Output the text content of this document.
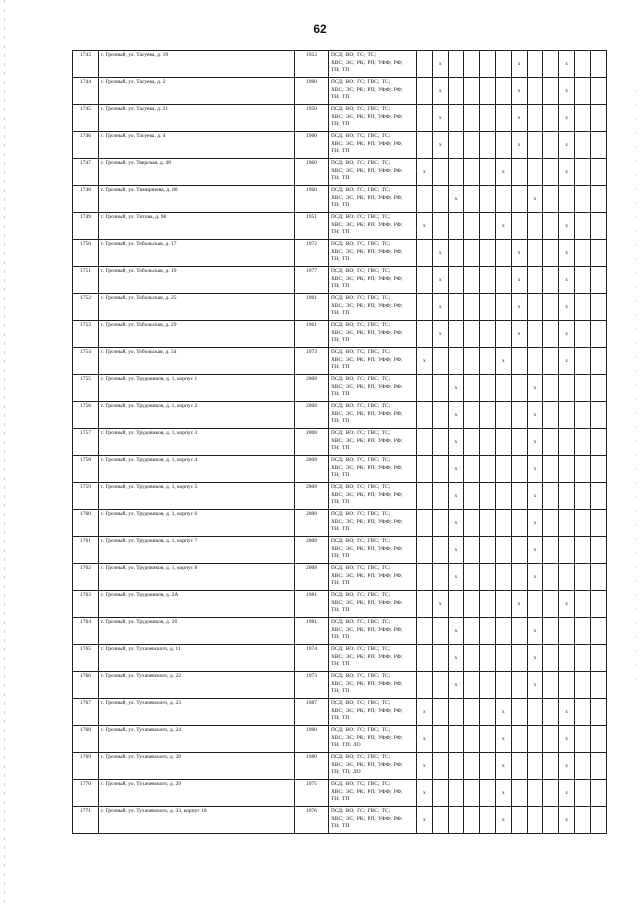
62
1743	г. Грозный, ул. Тасуева, д. 19	1953	ПСД; ВО; ГС; ТС;
ХВС; ЭС; РК; РП; УФФ; РФ;
ТН; ТП		х					х			х		
1744	г. Грозный, ул. Тасуева, д. 2	1960	ПСД; ВО; ГС; ГВС; ТС;
ХВС; ЭС; РК; РП; УФФ; РФ;
ТН; ТП		х					х			х		
1745	г. Грозный, ул. Тасуева, д. 21	1950	ПСД; ВО; ГС; ГВС; ТС;
ХВС; ЭС; РК; РП; УФФ; РФ;
ТН; ТП		х					х			х		
1746	г. Грозный, ул. Тасуева, д. 4	1960	ПСД; ВО; ГС; ГВС; ТС;
ХВС; ЭС; РК; РП; УФФ; РФ;
ТН; ТП		х					х			х		
1747	г. Грозный, ул. Тверская, д. 48	1960	ПСД; ВО; ГС; ГВС; ТС;
ХВС; ЭС; РК; РП; УФФ; РФ;
ТН; ТП	х					х				х		
1748	г. Грозный, ул. Тимирязева, д. 80	1960	ПСД; ВО; ГС; ГВС; ТС;
ХВС; ЭС; РК; РП; УФФ; РФ;
ТН; ТП			х					х				
1749	г. Грозный, ул. Титова, д. 98	1951	ПСД; ВО; ГС; ГВС; ТС;
ХВС; ЭС; РК; РП; УФФ; РФ;
ТН; ТП	х					х				х		
1750	г. Грозный, ул. Тобольская, д. 17	1972	ПСД; ВО; ГС; ГВС; ТС;
ХВС; ЭС; РК; РП; УФФ; РФ;
ТН; ТП		х					х			х		
1751	г. Грозный, ул. Тобольская, д. 19	1977	ПСД; ВО; ГС; ГВС; ТС;
ХВС; ЭС; РК; РП; УФФ; РФ;
ТН; ТП		х					х			х		
1752	г. Грозный, ул. Тобольская, д. 25	1961	ПСД; ВО; ГС; ГВС; ТС;
ХВС; ЭС; РК; РП; УФФ; РФ;
ТН; ТП		х					х			х		
1753	г. Грозный, ул. Тобольская, д. 29	1961	ПСД; ВО; ГС; ГВС; ТС;
ХВС; ЭС; РК; РП; УФФ; РФ;
ТН; ТП		х					х			х		
1754	г. Грозный, ул. Тобольская, д. 54	1973	ПСД; ВО; ГС; ГВС; ТС;
ХВС; ЭС; РК; РП; УФФ; РФ;
ТН; ТП	х					х				х		
1755	г. Грозный, ул. Трудовиков, д. 1, корпус 1	2008	ПСД; ВО; ГС; ГВС; ТС;
ХВС; ЭС; РК; РП; УФФ; РФ;
ТН; ТП			х					х				
1756	г. Грозный, ул. Трудовиков, д. 1, корпус 2	2008	ПСД; ВО; ГС; ГВС; ТС;
ХВС; ЭС; РК; РП; УФФ; РФ;
ТН; ТП			х					х				
1757	г. Грозный, ул. Трудовиков, д. 1, корпус 3	2008	ПСД; ВО; ГС; ГВС; ТС;
ХВС; ЭС; РК; РП; УФФ; РФ;
ТН; ТП			х					х				
1758	г. Грозный, ул. Трудовиков, д. 1, корпус 4	2008	ПСД; ВО; ГС; ГВС; ТС;
ХВС; ЭС; РК; РП; УФФ; РФ;
ТН; ТП			х					х				
1759	г. Грозный, ул. Трудовиков, д. 1, корпус 5	2008	ПСД; ВО; ГС; ГВС; ТС;
ХВС; ЭС; РК; РП; УФФ; РФ;
ТН; ТП			х					х				
1760	г. Грозный, ул. Трудовиков, д. 1, корпус 6	2008	ПСД; ВО; ГС; ГВС; ТС;
ХВС; ЭС; РК; РП; УФФ; РФ;
ТН; ТП			х					х				
1761	г. Грозный, ул. Трудовиков, д. 1, корпус 7	2008	ПСД; ВО; ГС; ГВС; ТС;
ХВС; ЭС; РК; РП; УФФ; РФ;
ТН; ТП			х					х				
1762	г. Грозный, ул. Трудовиков, д. 1, корпус 8	2008	ПСД; ВО; ГС; ГВС; ТС;
ХВС; ЭС; РК; РП; УФФ; РФ;
ТН; ТП			х					х				
1763	г. Грозный, ул. Трудовиков, д. 2А	1981	ПСД; ВО; ГС; ГВС; ТС;
ХВС; ЭС; РК; РП; УФФ; РФ;
ТН; ТП		х					х			х		
1764	г. Грозный, ул. Трудовиков, д. 2б	1981	ПСД; ВО; ГС; ГВС; ТС;
ХВС; ЭС; РК; РП; УФФ; РФ;
ТН; ТП			х					х				
1765	г. Грозный, ул. Тухачевского, д. 11	1974	ПСД; ВО; ГС; ГВС; ТС;
ХВС; ЭС; РК; РП; УФФ; РФ;
ТН; ТП			х					х				
1766	г. Грозный, ул. Тухачевского, д. 22	1973	ПСД; ВО; ГС; ГВС; ТС;
ХВС; ЭС; РК; РП; УФФ; РФ;
ТН; ТП			х					х				
1767	г. Грозный, ул. Тухачевского, д. 23	1987	ПСД; ВО; ГС; ГВС; ТС;
ХВС; ЭС; РК; РП; УФФ; РФ;
ТН; ТП	х					х				х		
1768	г. Грозный, ул. Тухачевского, д. 24	1960	ПСД; ВО; ГС; ГВС; ТС;
ХВС; ЭС; РК; РП; УФФ; РФ;
ТН; ТП; ЛО	х					х				х		
1769	г. Грозный, ул. Тухачевского, д. 28	1980	ПСД; ВО; ГС; ГВС; ТС;
ХВС; ЭС; РК; РП; УФФ; РФ;
ТН; ТП; ЛО	х					х				х		
1770	г. Грозный, ул. Тухачевского, д. 29	1975	ПСД; ВО; ГС; ГВС; ТС;
ХВС; ЭС; РК; РП; УФФ; РФ;
ТН; ТП	х					х				х		
1771	г. Грозный, ул. Тухачевского, д. 33, корпус 18	1976	ПСД; ВО; ГС; ГВС; ТС;
ХВС; ЭС; РК; РП; УФФ; РФ;
ТН; ТП	х					х				х		
